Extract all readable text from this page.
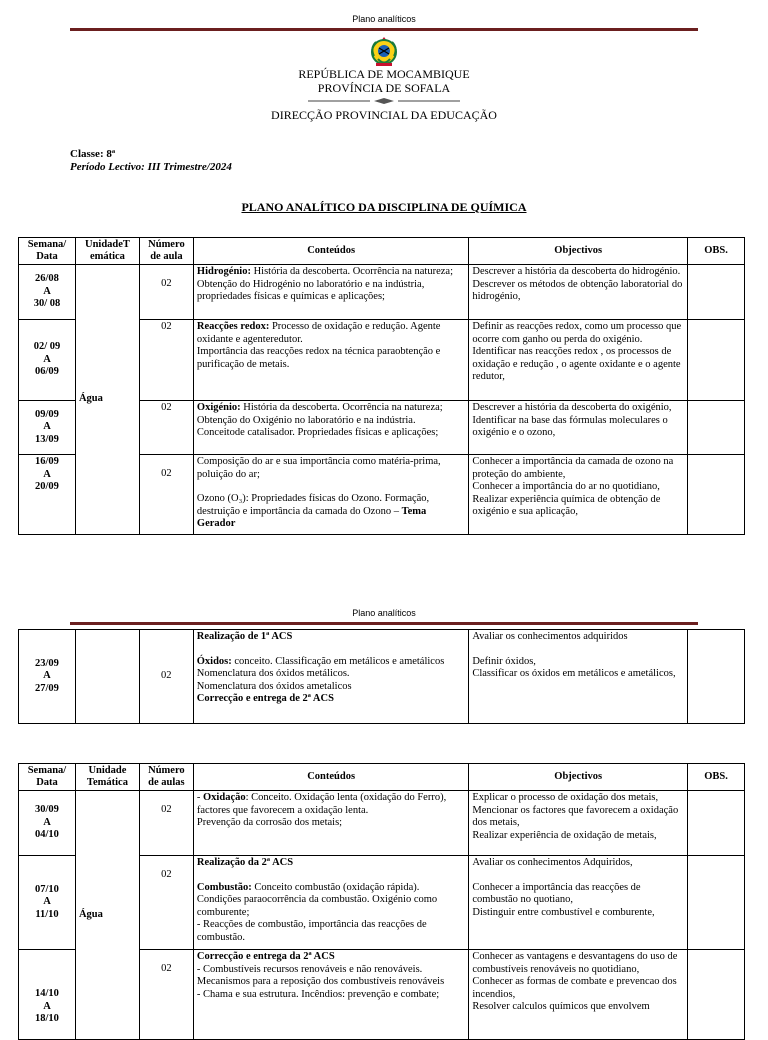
Plano analíticos
REPÚBLICA DE MOCAMBIQUE
PROVÍNCIA DE SOFALA
DIRECÇÃO PROVINCIAL DA EDUCAÇÃO
Classe: 8ª
Período Lectivo: III Trimestre/2024
PLANO ANALÍTICO DA DISCIPLINA DE QUÍMICA
Semana/ Data	UnidadeT emática	Número de aula	Conteúdos	Objectivos	OBS.

26/08
A
30/ 08	Água	02	Hidrogénio: História da descoberta. Ocorrência na natureza; Obtenção do Hidrogénio no laboratório e na indústria, propriedades físicas e químicas e aplicações;	Descrever a história da descoberta do hidrogénio.
Descrever os métodos de obtenção laboratorial do hidrogénio,	

02/ 09
A
06/09		02	Reacções redox: Processo de oxidação e redução. Agente oxidante e agenteredutor.
Importância das reacções redox na técnica paraobtenção e purificação de metais.	Definir as reacções redox, como um processo que ocorre com ganho ou perda do oxigénio.
Identificar nas reacções redox , os processos de oxidação e redução , o agente oxidante e o agente redutor,	

09/09
A
13/09		02	Oxigénio: História da descoberta. Ocorrência na natureza; Obtenção do Oxigénio no laboratório e na indústria. Conceitode catalisador. Propriedades físicas e aplicações;	Descrever a história da descoberta do oxigénio,
Identificar na base das fórmulas moleculares o oxigénio e o ozono,	

16/09
A
20/09		02	Composição do ar e sua importância como matéria-prima, poluição do ar;
Ozono (O₃): Propriedades físicas do Ozono. Formação, destruição e importância da camada do Ozono – Tema Gerador	Conhecer a importância da camada de ozono na proteção do ambiente,
Conhecer a importância do ar no quotidiano,
Realizar experiência química de obtenção de oxigénio e sua aplicação,	

Plano analíticos
23/09
A
27/09
		02	
Realização de 1ª ACS
Óxidos: conceito. Classificação em metálicos e ametálicos
Nomenclatura dos óxidos metálicos.
Nomenclatura dos óxidos ametalicos
Correcção e entrega de 2ª ACS

Avaliar os conhecimentos adquiridos
Definir óxidos,
Classificar os óxidos em metálicos e ametálicos,

Semana/ Data	Unidade Temática	Número de aulas	Conteúdos	Objectivos	OBS.

30/09
A
04/10	Água	02	- Oxidação: Conceito. Oxidação lenta (oxidação do Ferro), factores que favorecem a oxidação lenta.
Prevenção da corrosão dos metais;	Explicar o processo de oxidação dos metais,
Mencionar os factores que favorecem a oxidação dos metais,
Realizar experiência de oxidação de metais,	

07/10
A
11/10		02	Realização da 2ª ACS
Combustão: Conceito combustão (oxidação rápida). Condições paraocorrência da combustão. Oxigénio como comburente;
- Reacções de combustão, importância das reacções de combustão.	Avaliar os conhecimentos Adquiridos,
Conhecer a importância das reacções de combustão no quotiano,
Distinguir entre combustível e comburente,	

14/10
A
18/10		02	Correcção e entrega da 2ª ACS
- Combustíveis recursos renováveis e não renováveis.
Mecanismos para a reposição dos combustíveis renováveis
- Chama e sua estrutura. Incêndios: prevenção e combate;	Conhecer as vantagens e desvantagens do uso de combustíveis renováveis no quotidiano,
Conhecer as formas de combate e prevencao dos incendios,
Resolver calculos químicos que envolvem	
